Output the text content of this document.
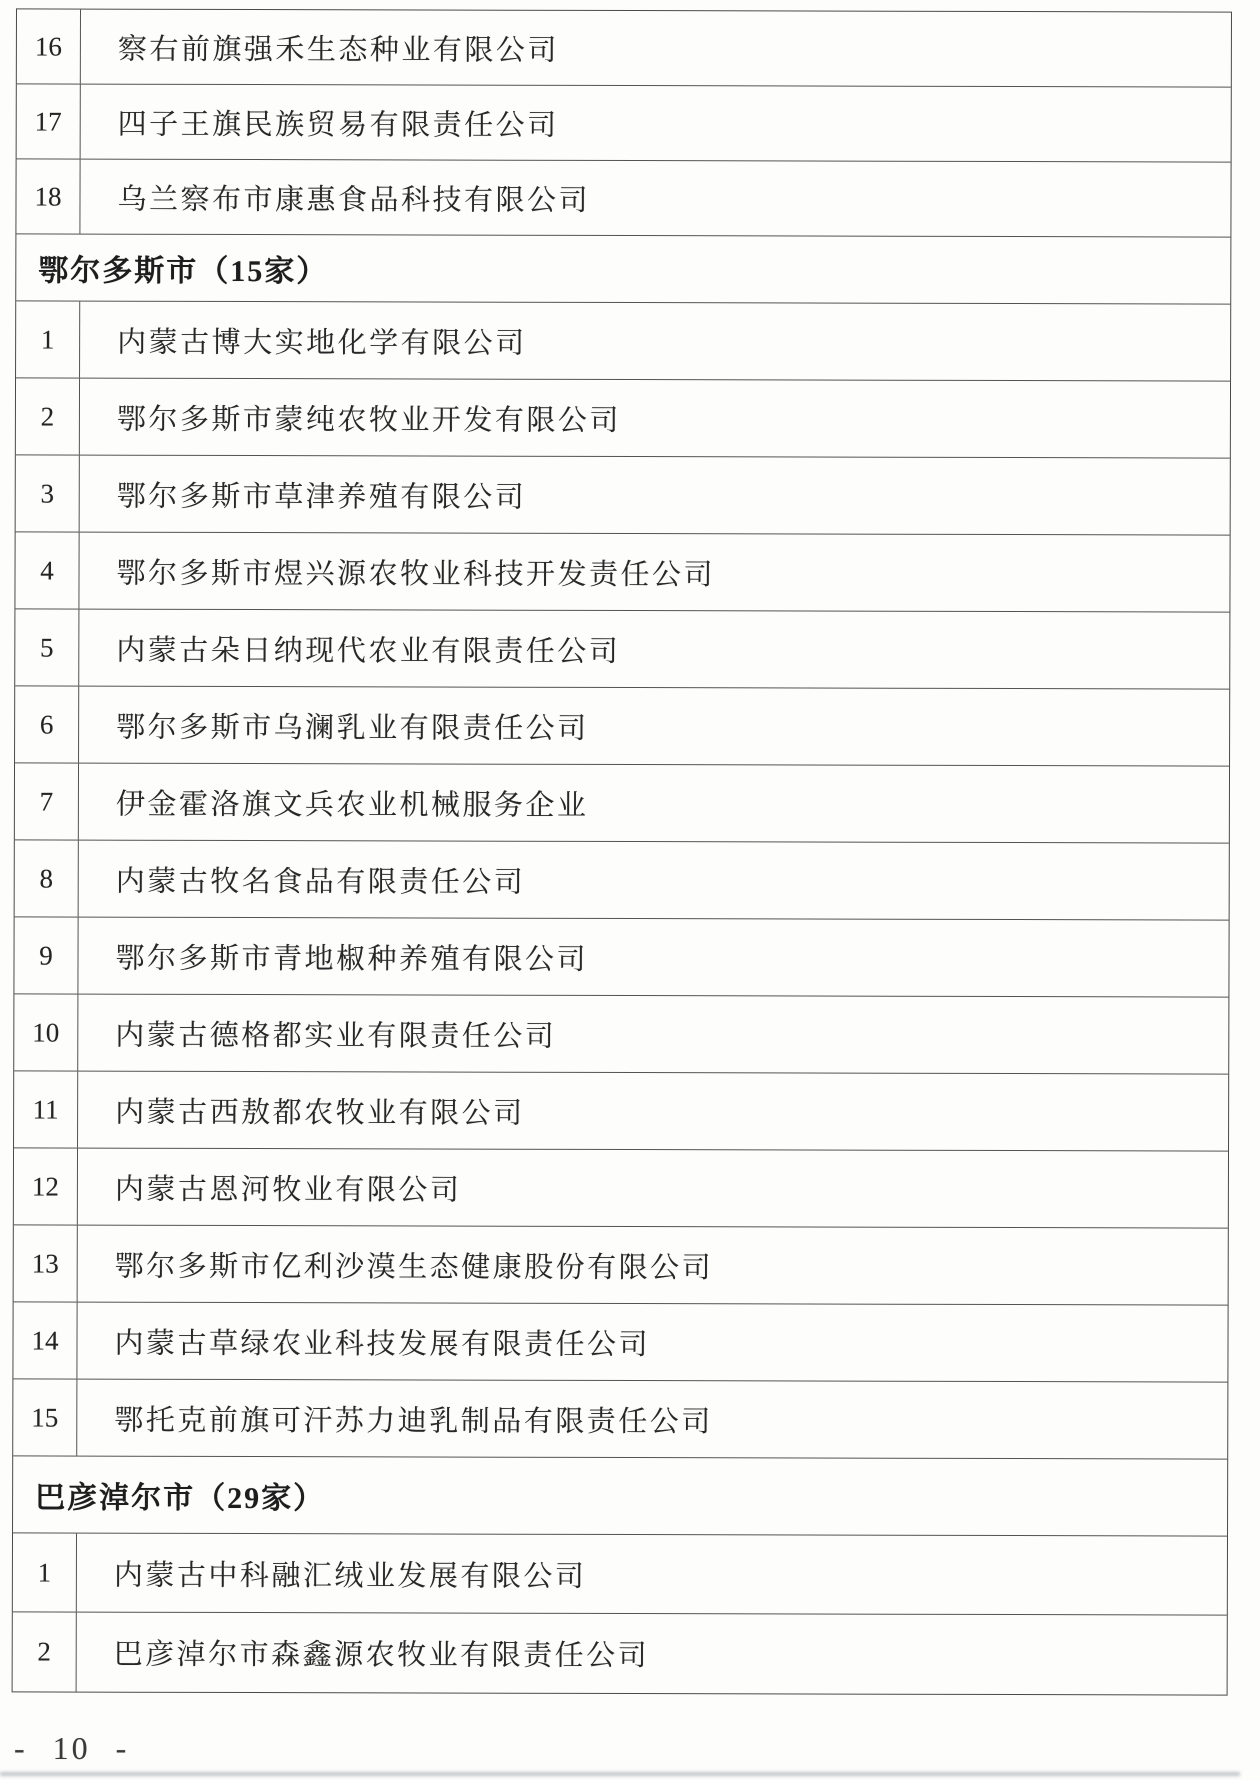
16	察右前旗强禾生态种业有限公司
17	四子王旗民族贸易有限责任公司
18	乌兰察布市康惠食品科技有限公司
鄂尔多斯市（15家）
1	内蒙古博大实地化学有限公司
2	鄂尔多斯市蒙纯农牧业开发有限公司
3	鄂尔多斯市草津养殖有限公司
4	鄂尔多斯市煜兴源农牧业科技开发责任公司
5	内蒙古朵日纳现代农业有限责任公司
6	鄂尔多斯市乌澜乳业有限责任公司
7	伊金霍洛旗文兵农业机械服务企业
8	内蒙古牧名食品有限责任公司
9	鄂尔多斯市青地椒种养殖有限公司
10	内蒙古德格都实业有限责任公司
11	内蒙古西敖都农牧业有限公司
12	内蒙古恩河牧业有限公司
13	鄂尔多斯市亿利沙漠生态健康股份有限公司
14	内蒙古草绿农业科技发展有限责任公司
15	鄂托克前旗可汗苏力迪乳制品有限责任公司
巴彦淖尔市（29家）
1	内蒙古中科融汇绒业发展有限公司
2	巴彦淖尔市森鑫源农牧业有限责任公司
- 10 -
